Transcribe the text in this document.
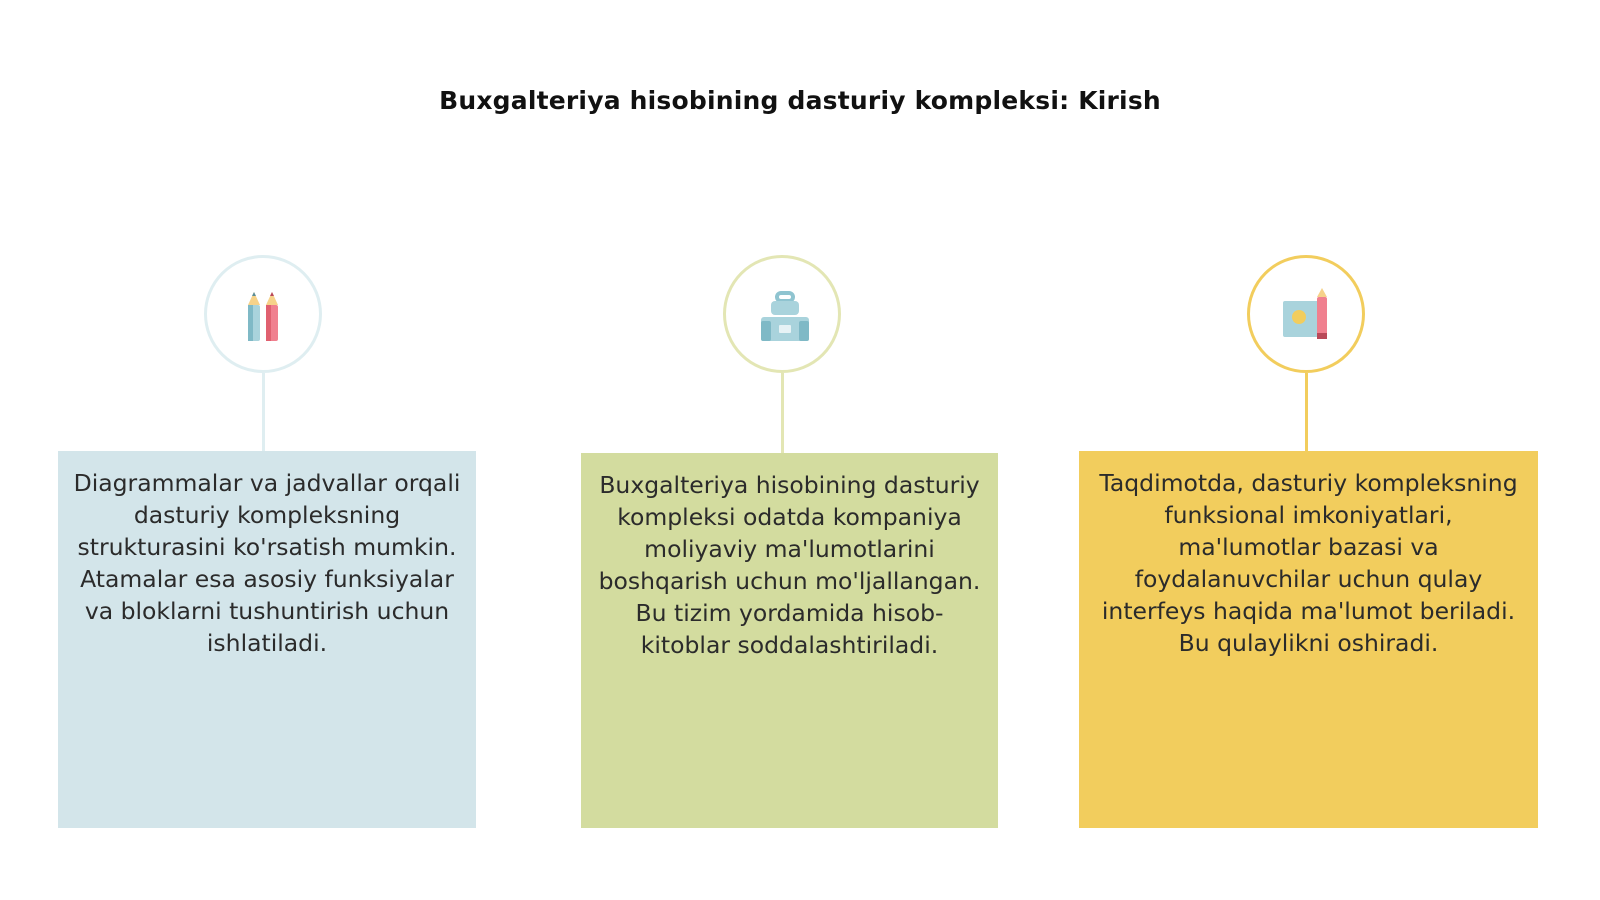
Buxgalteriya hisobining dasturiy kompleksi: Kirish
Diagrammalar va jadvallar orqali dasturiy kompleksning strukturasini ko'rsatish mumkin. Atamalar esa asosiy funksiyalar va bloklarni tushuntirish uchun ishlatiladi.
Buxgalteriya hisobining dasturiy kompleksi odatda kompaniya moliyaviy ma'lumotlarini boshqarish uchun mo'ljallangan. Bu tizim yordamida hisob-kitoblar soddalashtiriladi.
Taqdimotda, dasturiy kompleksning funksional imkoniyatlari, ma'lumotlar bazasi va foydalanuvchilar uchun qulay interfeys haqida ma'lumot beriladi. Bu qulaylikni oshiradi.
